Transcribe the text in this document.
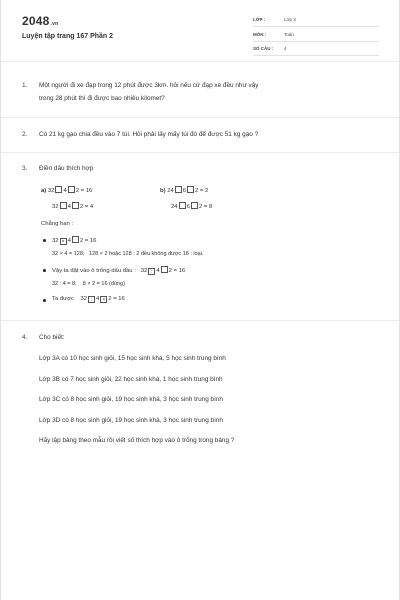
2048.vn
Luyện tập trang 167 Phần 2
LỚP :	Lớp 3
MÔN :	Toán
SỐ CÂU : 4
1. Một người đi xe đạp trong 12 phút được 3km. hỏi nếu cứ đạp xe đều như vậy
trong 28 phút thì đi được bao nhiêu kilomet?
2. Có 21 kg gạo chia đều vào 7 túi. Hỏi phải lấy mấy túi đó để được 51 kg gạo ?
3. Điền dấu thích hợp
a) 32 4 2 = 16
32 4 2 = 4
b) 24 6 2 = 2
24 6 2 = 8
Chẳng hạn :
32 × 4 2 = 16
32 × 4 = 128; 128 × 2 hoặc 128 : 2 đều không được 16 : loại.
Vậy ta đặt vào ô trống dấu đầu : 32 : 4 2 = 16
32 : 4 = 8; 8 × 2 = 16 (đúng)
Ta được 32 : 4 × 2 = 16
4. Cho biết:
Lớp 3A có 10 học sinh giỏi, 15 học sinh khá, 5 học sinh trung bình
Lớp 3B có 7 học sinh giỏi, 22 học sinh khá, 1 học sinh trung bình
Lớp 3C có 8 học sinh giỏi, 19 học sinh khá, 3 học sinh trung bình
Lớp 3D có 8 học sinh giỏi, 19 học sinh khá, 3 học sinh trung bình
Hãy lập bảng theo mẫu rồi viết số thích hợp vào ô trống trong bảng ?
